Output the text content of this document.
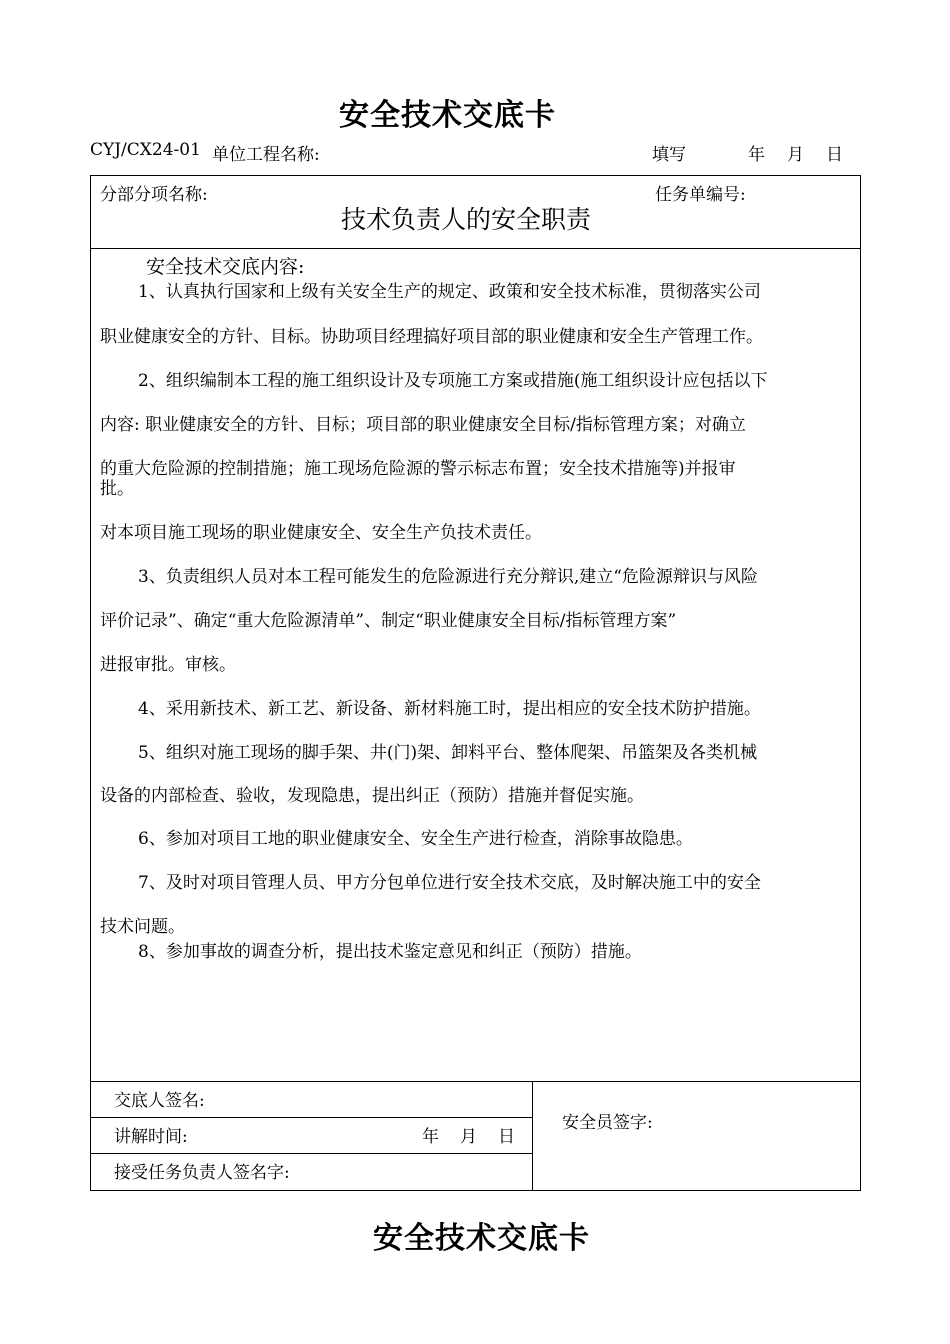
安全技术交底卡
CYJ/CX24-01 单位工程名称:	填写	年 月 日
分部分项名称:	任务单编号:
技术负责人的安全职责
安全技术交底内容:
1、认真执行国家和上级有关安全生产的规定、政策和安全技术标准，贯彻落实公司
职业健康安全的方针、目标。协助项目经理搞好项目部的职业健康和安全生产管理工作。
2、组织编制本工程的施工组织设计及专项施工方案或措施(施工组织设计应包括以下
内容: 职业健康安全的方针、目标；项目部的职业健康安全目标/指标管理方案；对确立
的重大危险源的控制措施；施工现场危险源的警示标志布置；安全技术措施等)并报审
批。
对本项目施工现场的职业健康安全、安全生产负技术责任。
3、负责组织人员对本工程可能发生的危险源进行充分辩识,建立“危险源辩识与风险
评价记录”、确定“重大危险源清单”、制定“职业健康安全目标/指标管理方案”
进报审批。审核。
4、采用新技术、新工艺、新设备、新材料施工时，提出相应的安全技术防护措施。
5、组织对施工现场的脚手架、井(门)架、卸料平台、整体爬架、吊篮架及各类机械
设备的内部检查、验收，发现隐患，提出纠正（预防）措施并督促实施。
6、参加对项目工地的职业健康安全、安全生产进行检查，消除事故隐患。
7、及时对项目管理人员、甲方分包单位进行安全技术交底，及时解决施工中的安全
技术问题。
8、参加事故的调查分析，提出技术鉴定意见和纠正（预防）措施。
交底人签名:
讲解时间:	年 月 日
接受任务负责人签名字:
安全员签字:
安全技术交底卡
